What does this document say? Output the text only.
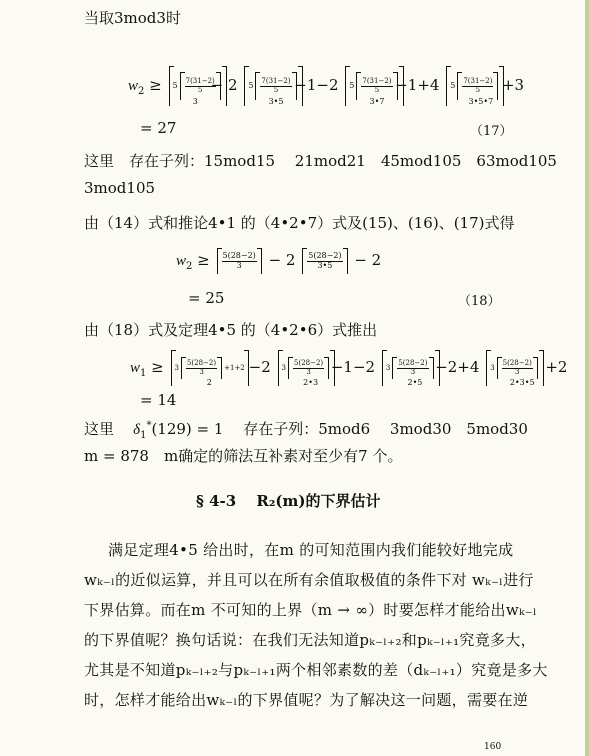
当取3mod3时
$w_2 \ge 5 \frac{7(31-2)}{5}$
$_3$ − 2 $5 \frac{7(31-2)}{5}$
$_{3•5}$ −1−2 $5 \frac{7(31-2)}{5}$
$_{3•7}$ −1+4 $5 \frac{7(31-2)}{5}$
$_{3•5•7}$ +3
= 27	（17）
这里　存在子列：15mod15　 21mod21　45mod105　63mod105
3mod105
由（14）式和推论4•1 的（4•2•7）式及(15)、(16)、(17)式得
$w_2 \ge \frac{5(28-2)}{3} - 2 \frac{5(28-2)}{3•5} - 2$
= 25	（18）
由（18）式及定理4•5 的（4•2•6）式推出
$w_1 \ge 3 \frac{5(28-2)}{3} +1+2$
$_2$ −2 $3 \frac{5(28-2)}{3}$
$_{2•3}$ −1−2 $3 \frac{5(28-2)}{3}$
$_{2•5}$ −2+4 $3 \frac{5(28-2)}{3}$
$_{2•3•5}$ +2
= 14
这里 $\delta_1^*(129) = 1$　 存在子列：5mod6　 3mod30　5mod30
m = 878　m确定的筛法互补素对至少有7 个。
§ 4-3　 R₂(m)的下界估计
满足定理4•5 给出时，在m 的可知范围内我们能较好地完成
wₖ₋ₗ的近似运算，并且可以在所有余值取极值的条件下对 wₖ₋ₗ进行
下界估算。而在m 不可知的上界（m → ∞）时要怎样才能给出wₖ₋ₗ
的下界值呢？换句话说：在我们无法知道pₖ₋ₗ₊₂和pₖ₋ₗ₊₁究竟多大，
尤其是不知道pₖ₋ₗ₊₂与pₖ₋ₗ₊₁两个相邻素数的差（dₖ₋ₗ₊₁）究竟是多大
时，怎样才能给出wₖ₋ₗ的下界值呢？为了解决这一问题，需要在逆
160
